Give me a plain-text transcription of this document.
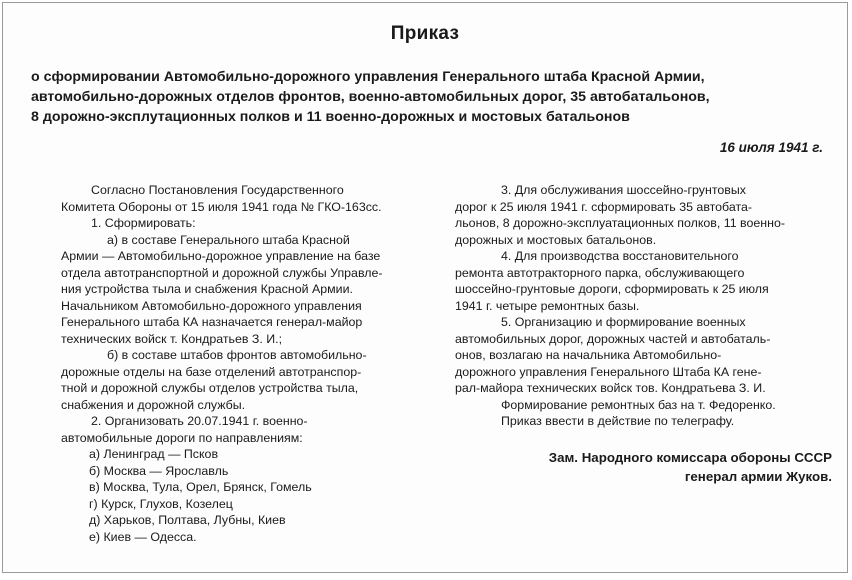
Приказ
о сформировании Автомобильно-дорожного управления Генерального штаба Красной Армии,
автомобильно-дорожных отделов фронтов, военно-автомобильных дорог, 35 автобатальонов,
8 дорожно-эксплутационных полков и 11 военно-дорожных и мостовых батальонов
16 июля 1941 г.

Согласно Постановления Государственного

Комитета Обороны от 15 июля 1941 года № ГКО-163сс.

1. Сформировать:

а) в составе Генерального штаба Красной

Армии — Автомобильно-дорожное управление на базе

отдела автотранспортной и дорожной службы Управле-

ния устройства тыла и снабжения Красной Армии.

Начальником Автомобильно-дорожного управления

Генерального штаба КА назначается генерал-майор

технических войск т. Кондратьев З. И.;

б) в составе штабов фронтов автомобильно-

дорожные отделы на базе отделений автотранспор-

тной и дорожной службы отделов устройства тыла,

снабжения и дорожной службы.

2. Организовать 20.07.1941 г. военно-

автомобильные дороги по направлениям:

а) Ленинград — Псков

б) Москва — Ярославль

в) Москва, Тула, Орел, Брянск, Гомель

г) Курск, Глухов, Козелец

д) Харьков, Полтава, Лубны, Киев

е) Киев — Одесса.

3. Для обслуживания шоссейно-грунтовых

дорог к 25 июля 1941 г. сформировать 35 автобата-

льонов, 8 дорожно-эксплуатационных полков, 11 военно-

дорожных и мостовых батальонов.

4. Для производства восстановительного

ремонта автотракторного парка, обслуживающего

шоссейно-грунтовые дороги, сформировать к 25 июля

1941 г. четыре ремонтных базы.

5. Организацию и формирование военных

автомобильных дорог, дорожных частей и автобаталь-

онов, возлагаю на начальника Автомобильно-

дорожного управления Генерального Штаба КА гене-

рал-майора технических войск тов. Кондратьева З. И.

Формирование ремонтных баз на т. Федоренко.

Приказ ввести в действие по телеграфу.

Зам. Народного комиссара обороны СССР
генерал армии Жуков.
